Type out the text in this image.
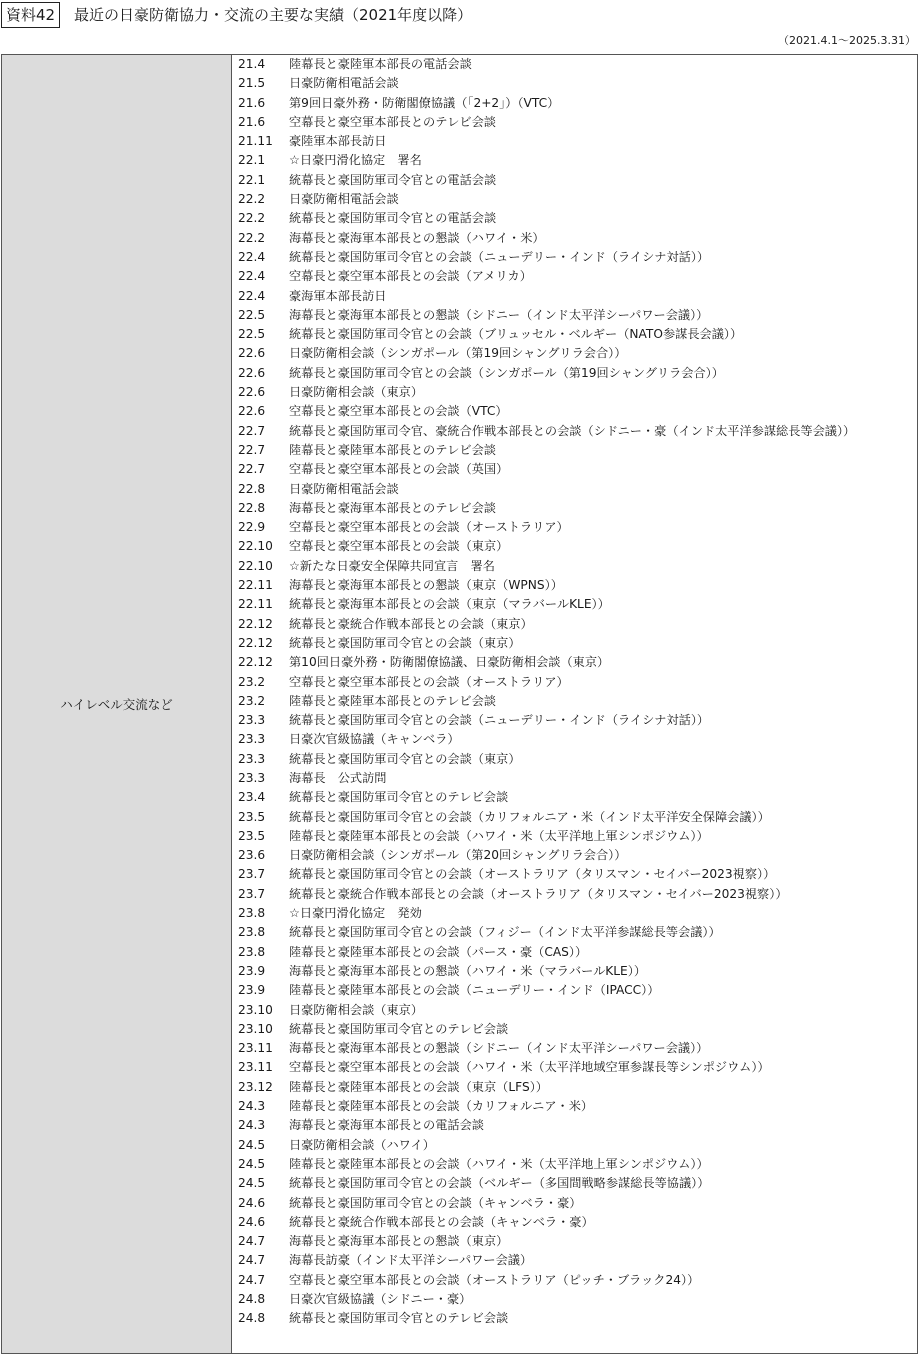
資料42	最近の日豪防衛協力・交流の主要な実績（2021年度以降）
（2021.4.1～2025.3.31）
ハイレベル交流など
21.4	陸幕長と豪陸軍本部長の電話会談
21.5	日豪防衛相電話会談
21.6	第9回日豪外務・防衛閣僚協議（「2+2」）（VTC）
21.6	空幕長と豪空軍本部長とのテレビ会談
21.11	豪陸軍本部長訪日
22.1	☆日豪円滑化協定　署名
22.1	統幕長と豪国防軍司令官との電話会談
22.2	日豪防衛相電話会談
22.2	統幕長と豪国防軍司令官との電話会談
22.2	海幕長と豪海軍本部長との懇談（ハワイ・米）
22.4	統幕長と豪国防軍司令官との会談（ニューデリー・インド（ライシナ対話））
22.4	空幕長と豪空軍本部長との会談（アメリカ）
22.4	豪海軍本部長訪日
22.5	海幕長と豪海軍本部長との懇談（シドニー（インド太平洋シーパワー会議））
22.5	統幕長と豪国防軍司令官との会談（ブリュッセル・ベルギー（NATO参謀長会議））
22.6	日豪防衛相会談（シンガポール（第19回シャングリラ会合））
22.6	統幕長と豪国防軍司令官との会談（シンガポール（第19回シャングリラ会合））
22.6	日豪防衛相会談（東京）
22.6	空幕長と豪空軍本部長との会談（VTC）
22.7	統幕長と豪国防軍司令官、豪統合作戦本部長との会談（シドニー・豪（インド太平洋参謀総長等会議））
22.7	陸幕長と豪陸軍本部長とのテレビ会談
22.7	空幕長と豪空軍本部長との会談（英国）
22.8	日豪防衛相電話会談
22.8	海幕長と豪海軍本部長とのテレビ会談
22.9	空幕長と豪空軍本部長との会談（オーストラリア）
22.10	空幕長と豪空軍本部長との会談（東京）
22.10	☆新たな日豪安全保障共同宣言　署名
22.11	海幕長と豪海軍本部長との懇談（東京（WPNS））
22.11	統幕長と豪海軍本部長との会談（東京（マラバールKLE））
22.12	統幕長と豪統合作戦本部長との会談（東京）
22.12	統幕長と豪国防軍司令官との会談（東京）
22.12	第10回日豪外務・防衛閣僚協議、日豪防衛相会談（東京）
23.2	空幕長と豪空軍本部長との会談（オーストラリア）
23.2	陸幕長と豪陸軍本部長とのテレビ会談
23.3	統幕長と豪国防軍司令官との会談（ニューデリー・インド（ライシナ対話））
23.3	日豪次官級協議（キャンベラ）
23.3	統幕長と豪国防軍司令官との会談（東京）
23.3	海幕長　公式訪問
23.4	統幕長と豪国防軍司令官とのテレビ会談
23.5	統幕長と豪国防軍司令官との会談（カリフォルニア・米（インド太平洋安全保障会議））
23.5	陸幕長と豪陸軍本部長との会談（ハワイ・米（太平洋地上軍シンポジウム））
23.6	日豪防衛相会談（シンガポール（第20回シャングリラ会合））
23.7	統幕長と豪国防軍司令官との会談（オーストラリア（タリスマン・セイバー2023視察））
23.7	統幕長と豪統合作戦本部長との会談（オーストラリア（タリスマン・セイバー2023視察））
23.8	☆日豪円滑化協定　発効
23.8	統幕長と豪国防軍司令官との会談（フィジー（インド太平洋参謀総長等会議））
23.8	陸幕長と豪陸軍本部長との会談（パース・豪（CAS））
23.9	海幕長と豪海軍本部長との懇談（ハワイ・米（マラバールKLE））
23.9	陸幕長と豪陸軍本部長との会談（ニューデリー・インド（IPACC））
23.10	日豪防衛相会談（東京）
23.10	統幕長と豪国防軍司令官とのテレビ会談
23.11	海幕長と豪海軍本部長との懇談（シドニー（インド太平洋シーパワー会議））
23.11	空幕長と豪空軍本部長との会談（ハワイ・米（太平洋地域空軍参謀長等シンポジウム））
23.12	陸幕長と豪陸軍本部長との会談（東京（LFS））
24.3	陸幕長と豪陸軍本部長との会談（カリフォルニア・米）
24.3	海幕長と豪海軍本部長との電話会談
24.5	日豪防衛相会談（ハワイ）
24.5	陸幕長と豪陸軍本部長との会談（ハワイ・米（太平洋地上軍シンポジウム））
24.5	統幕長と豪国防軍司令官との会談（ベルギー（多国間戦略参謀総長等協議））
24.6	統幕長と豪国防軍司令官との会談（キャンベラ・豪）
24.6	統幕長と豪統合作戦本部長との会談（キャンベラ・豪）
24.7	海幕長と豪海軍本部長との懇談（東京）
24.7	海幕長訪豪（インド太平洋シーパワー会議）
24.7	空幕長と豪空軍本部長との会談（オーストラリア（ピッチ・ブラック24））
24.8	日豪次官級協議（シドニー・豪）
24.8	統幕長と豪国防軍司令官とのテレビ会談
